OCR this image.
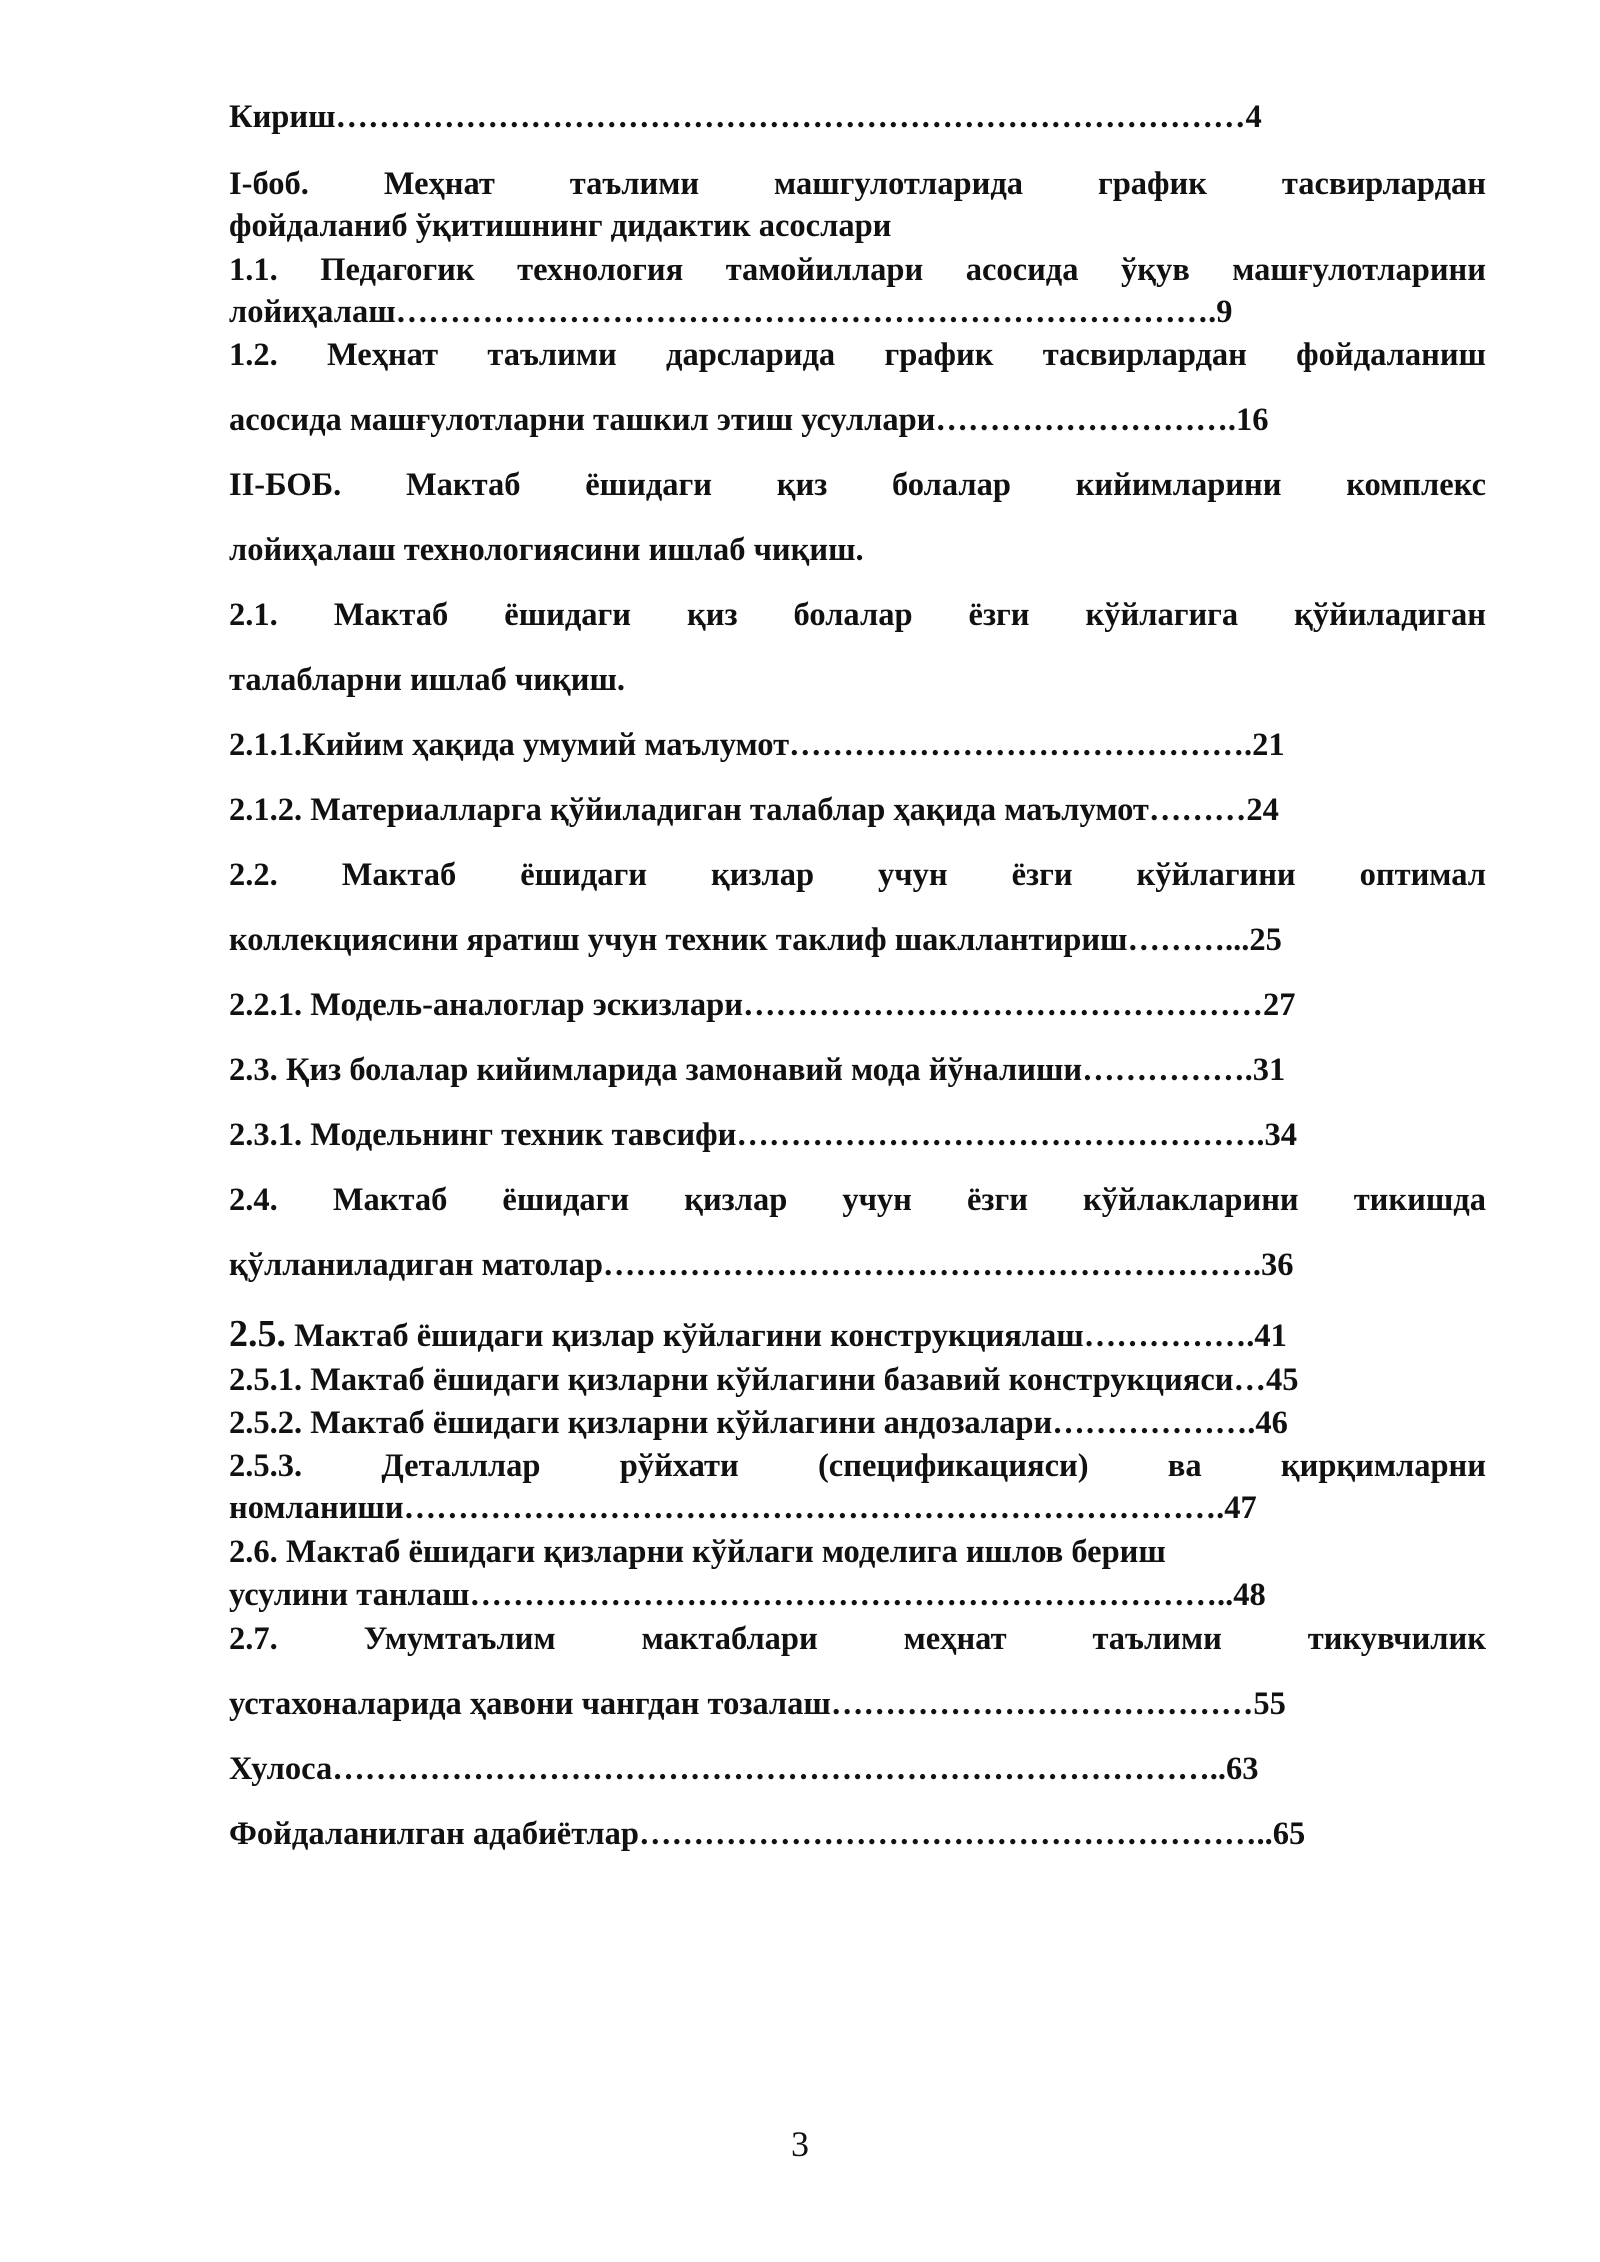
Кириш…………………………………………………………………………4
I-боб. Меҳнат таълими машгулотларида график тасвирлардан
фойдаланиб ўқитишнинг дидактик асослари
1.1. Педагогик технология тамойиллари асосида ўқув машғулотларини
лойиҳалаш………………………………………………………………….9
1.2. Меҳнат таълими дарсларида график тасвирлардан фойдаланиш
асосида машғулотларни ташкил этиш усуллари……………………….16
II-БОБ. Мактаб ёшидаги қиз болалар кийимларини комплекс
лойиҳалаш технологиясини ишлаб чиқиш.
2.1. Мактаб ёшидаги қиз болалар ёзги кўйлагига қўйиладиган
талабларни ишлаб чиқиш.
2.1.1.Кийим ҳақида умумий маълумот…………………………………….21
2.1.2. Материалларга қўйиладиган талаблар ҳақида маълумот………24
2.2. Мактаб ёшидаги қизлар учун ёзги кўйлагини оптимал
коллекциясини яратиш учун техник таклиф шакллантириш………...25
2.2.1. Модель-аналоглар эскизлари…………………………………………27
2.3. Қиз болалар кийимларида замонавий мода йўналиши…………….31
2.3.1. Модельнинг техник тавсифи………………………………………….34
2.4. Мактаб ёшидаги қизлар учун ёзги кўйлакларини тикишда
қўлланиладиган матолар…………………………………………………….36
2.5. Мактаб ёшидаги қизлар кўйлагини конструкциялаш…………….41
2.5.1. Мактаб ёшидаги қизларни кўйлагини базавий конструкцияси…45
2.5.2. Мактаб ёшидаги қизларни кўйлагини андозалари……………….46
2.5.3. Деталллар рўйхати (спецификацияси) ва қирқимларни
номланиши………………………………………………………………….47
2.6. Мактаб ёшидаги қизларни кўйлаги моделига ишлов бериш
усулини танлаш……………………………………………………………..48
2.7. Умумтаълим мактаблари меҳнат таълими тикувчилик
устахоналарида ҳавони чангдан тозалаш…………………………………55
Хулоса………………………………………………………………………..63
Фойдаланилган адабиётлар…………………………………………………..65
3
